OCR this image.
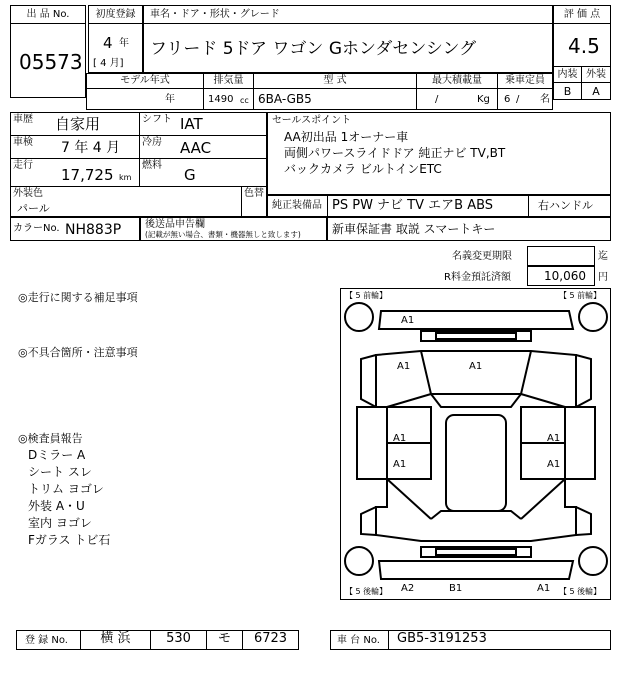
出 品 No.
05573
初度登録
4 年
[ 4 月]
車名・ドア・形状・グレード
フリード 5ドア ワゴン Gホンダセンシング
評 価 点
4.5
内装 外装
B	A
モデル年式
年
排気量
1490 cc
型 式
6BA-GB5
最大積載量
/	Kg
乗車定員
6 / 名
車歴 自家用	シフト IAT
車検 7 年 4 月 冷房 AAC
走行
17,725 km
燃料
G
外装色
パール
色替
カラーNo. NH883P 後送品申告欄
(記載が無い場合、書類・機器無しと致します)
セールスポイント
AA初出品 1オーナー車
両側パワースライドドア 純正ナビ TV,BT
バックカメラ ビルトインETC
純正装備品 PS PW ナビ TV エアB ABS	右ハンドル
新車保証書 取説 スマートキー
名義変更期限	迄
R料金預託済額	10,060 円
◎走行に関する補足事項
◎不具合箇所・注意事項
◎検査員報告
Dミラー A
シート スレ
トリム ヨゴレ
外装 A・U
室内 ヨゴレ
Fガラス トビ石
【 5 前輪】	【 5 前輪】
【 5 後輪】	【 5 後輪】
A1
A1	A1
A1
A1
A1
A1
A2	B1	A1
登 録 No.	横 浜	530	モ	6723	車 台 No.	GB5-3191253
